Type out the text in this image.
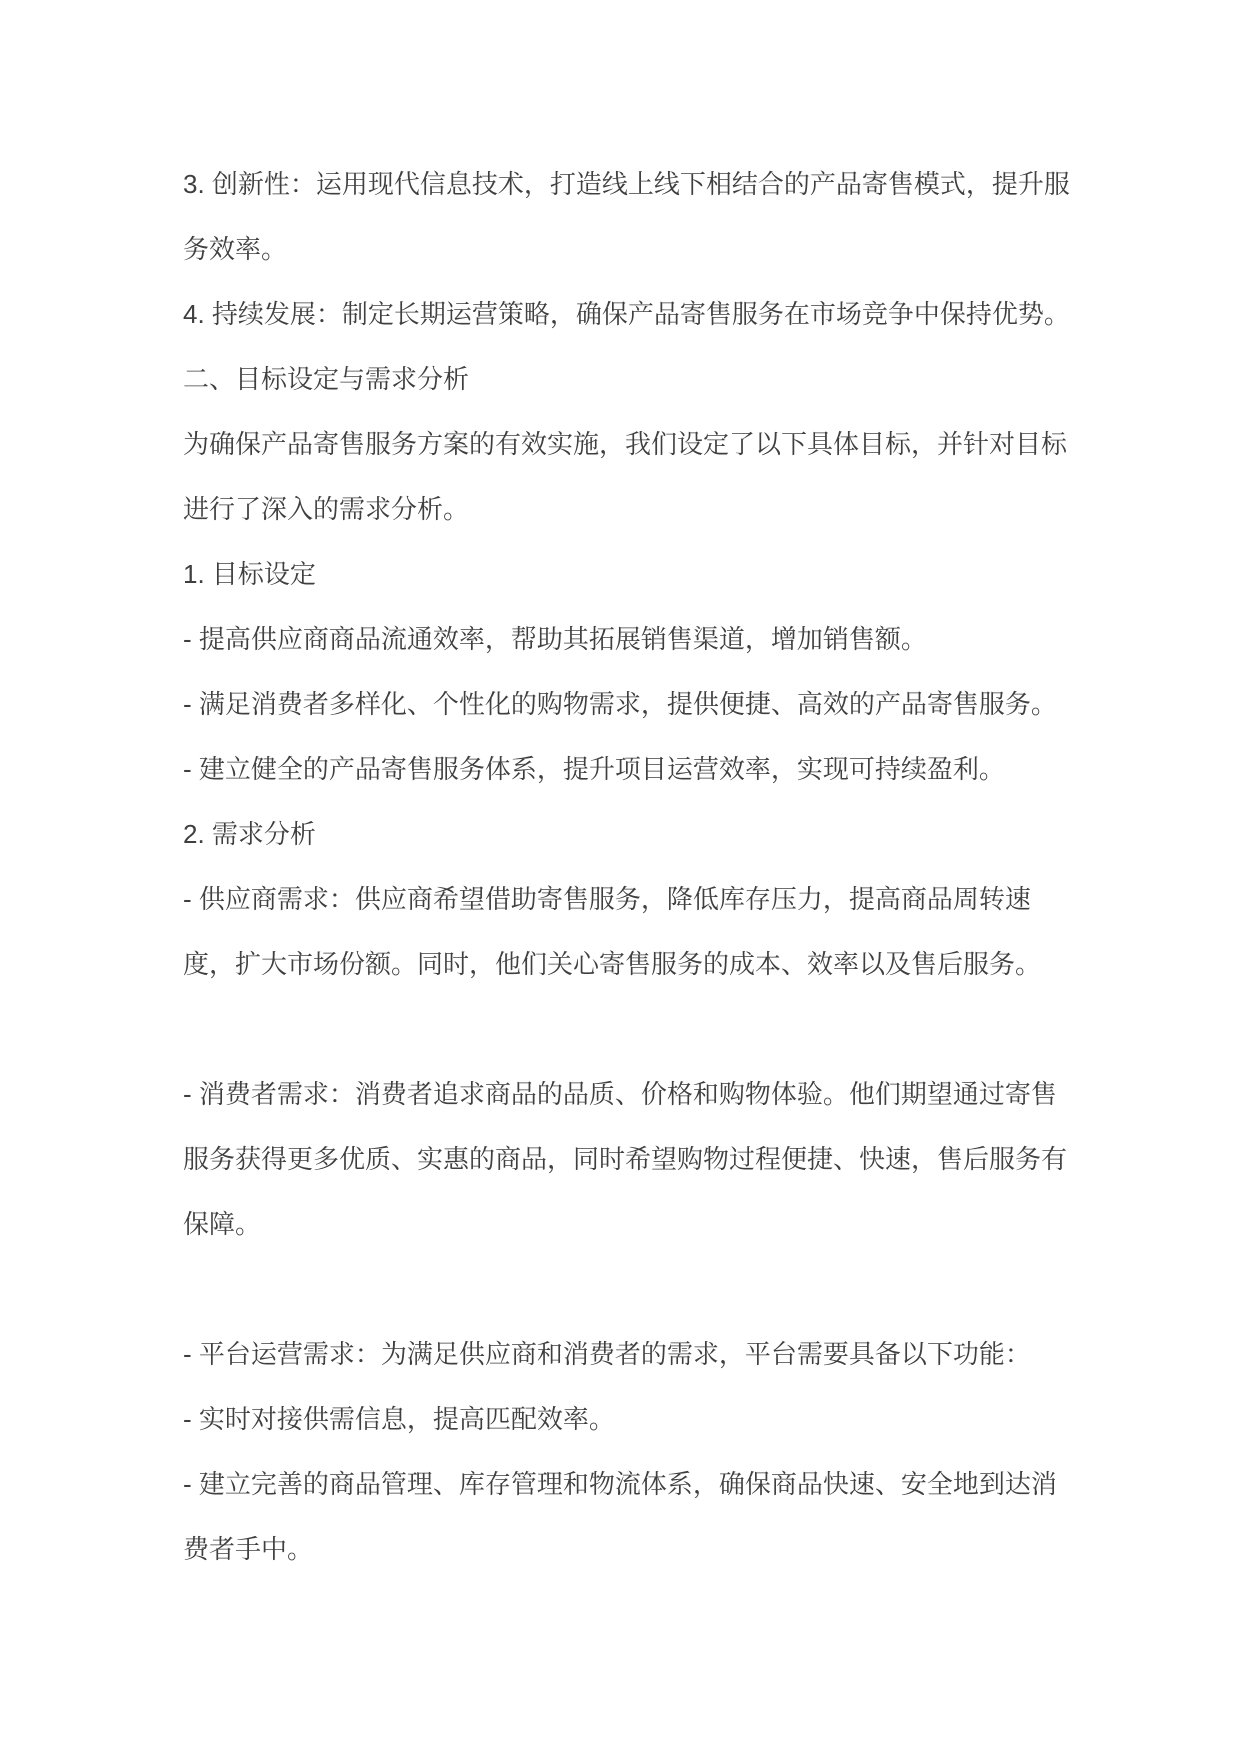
3. 创新性：运用现代信息技术，打造线上线下相结合的产品寄售模式，提升服
务效率。
4. 持续发展：制定长期运营策略，确保产品寄售服务在市场竞争中保持优势。
二、目标设定与需求分析
为确保产品寄售服务方案的有效实施，我们设定了以下具体目标，并针对目标
进行了深入的需求分析。
1. 目标设定
- 提高供应商商品流通效率，帮助其拓展销售渠道，增加销售额。
- 满足消费者多样化、个性化的购物需求，提供便捷、高效的产品寄售服务。
- 建立健全的产品寄售服务体系，提升项目运营效率，实现可持续盈利。
2. 需求分析
- 供应商需求：供应商希望借助寄售服务，降低库存压力，提高商品周转速
度，扩大市场份额。同时，他们关心寄售服务的成本、效率以及售后服务。
- 消费者需求：消费者追求商品的品质、价格和购物体验。他们期望通过寄售
服务获得更多优质、实惠的商品，同时希望购物过程便捷、快速，售后服务有
保障。
- 平台运营需求：为满足供应商和消费者的需求，平台需要具备以下功能：
- 实时对接供需信息，提高匹配效率。
- 建立完善的商品管理、库存管理和物流体系，确保商品快速、安全地到达消
费者手中。
